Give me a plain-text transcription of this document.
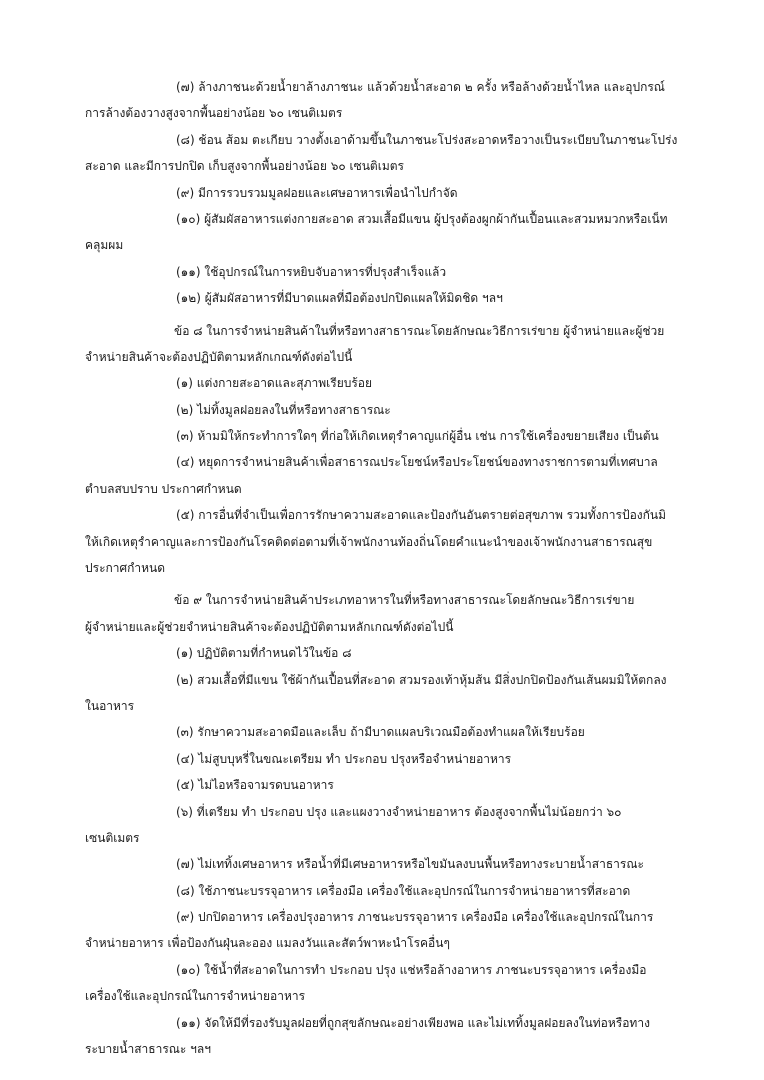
(๗) ล้างภาชนะด้วยน้ำยาล้างภาชนะ แล้วด้วยน้ำสะอาด ๒ ครั้ง หรือล้างด้วยน้ำไหล และอุปกรณ์

การล้างต้องวางสูงจากพื้นอย่างน้อย ๖๐ เซนติเมตร

(๘) ช้อน ส้อม ตะเกียบ วางตั้งเอาด้ามขึ้นในภาชนะโปร่งสะอาดหรือวางเป็นระเบียบในภาชนะโปร่ง

สะอาด และมีการปกปิด เก็บสูงจากพื้นอย่างน้อย ๖๐ เซนติเมตร

(๙) มีการรวบรวมมูลฝอยและเศษอาหารเพื่อนำไปกำจัด

(๑๐) ผู้สัมผัสอาหารแต่งกายสะอาด สวมเสื้อมีแขน ผู้ปรุงต้องผูกผ้ากันเปื้อนและสวมหมวกหรือเน็ท

คลุมผม

(๑๑) ใช้อุปกรณ์ในการหยิบจับอาหารที่ปรุงสำเร็จแล้ว

(๑๒) ผู้สัมผัสอาหารที่มีบาดแผลที่มือต้องปกปิดแผลให้มิดชิด ฯลฯ

ข้อ ๘ ในการจำหน่ายสินค้าในที่หรือทางสาธารณะโดยลักษณะวิธีการเร่ขาย ผู้จำหน่ายและผู้ช่วย

จำหน่ายสินค้าจะต้องปฏิบัติตามหลักเกณฑ์ดังต่อไปนี้

(๑) แต่งกายสะอาดและสุภาพเรียบร้อย

(๒) ไม่ทิ้งมูลฝอยลงในที่หรือทางสาธารณะ

(๓) ห้ามมิให้กระทำการใดๆ ที่ก่อให้เกิดเหตุรำคาญแก่ผู้อื่น เช่น การใช้เครื่องขยายเสียง เป็นต้น

(๔) หยุดการจำหน่ายสินค้าเพื่อสาธารณประโยชน์หรือประโยชน์ของทางราชการตามที่เทศบาล

ตำบลสบปราบ ประกาศกำหนด

(๕) การอื่นที่จำเป็นเพื่อการรักษาความสะอาดและป้องกันอันตรายต่อสุขภาพ รวมทั้งการป้องกันมิ

ให้เกิดเหตุรำคาญและการป้องกันโรคติดต่อตามที่เจ้าพนักงานท้องถิ่นโดยคำแนะนำของเจ้าพนักงานสาธารณสุข

ประกาศกำหนด

ข้อ ๙ ในการจำหน่ายสินค้าประเภทอาหารในที่หรือทางสาธารณะโดยลักษณะวิธีการเร่ขาย

ผู้จำหน่ายและผู้ช่วยจำหน่ายสินค้าจะต้องปฏิบัติตามหลักเกณฑ์ดังต่อไปนี้

(๑) ปฏิบัติตามที่กำหนดไว้ในข้อ ๘

(๒) สวมเสื้อที่มีแขน ใช้ผ้ากันเปื้อนที่สะอาด สวมรองเท้าหุ้มส้น มีสิ่งปกปิดป้องกันเส้นผมมิให้ตกลง

ในอาหาร

(๓) รักษาความสะอาดมือและเล็บ ถ้ามีบาดแผลบริเวณมือต้องทำแผลให้เรียบร้อย

(๔) ไม่สูบบุหรี่ในขณะเตรียม ทำ ประกอบ ปรุงหรือจำหน่ายอาหาร

(๕) ไม่ไอหรือจามรดบนอาหาร

(๖) ที่เตรียม ทำ ประกอบ ปรุง และแผงวางจำหน่ายอาหาร ต้องสูงจากพื้นไม่น้อยกว่า ๖๐

เซนติเมตร

(๗) ไม่เททิ้งเศษอาหาร หรือน้ำที่มีเศษอาหารหรือไขมันลงบนพื้นหรือทางระบายน้ำสาธารณะ

(๘) ใช้ภาชนะบรรจุอาหาร เครื่องมือ เครื่องใช้และอุปกรณ์ในการจำหน่ายอาหารที่สะอาด

(๙) ปกปิดอาหาร เครื่องปรุงอาหาร ภาชนะบรรจุอาหาร เครื่องมือ เครื่องใช้และอุปกรณ์ในการ

จำหน่ายอาหาร เพื่อป้องกันฝุ่นละออง แมลงวันและสัตว์พาหะนำโรคอื่นๆ

(๑๐) ใช้น้ำที่สะอาดในการทำ ประกอบ ปรุง แช่หรือล้างอาหาร ภาชนะบรรจุอาหาร เครื่องมือ

เครื่องใช้และอุปกรณ์ในการจำหน่ายอาหาร

(๑๑) จัดให้มีที่รองรับมูลฝอยที่ถูกสุขลักษณะอย่างเพียงพอ และไม่เททิ้งมูลฝอยลงในท่อหรือทาง

ระบายน้ำสาธารณะ ฯลฯ
